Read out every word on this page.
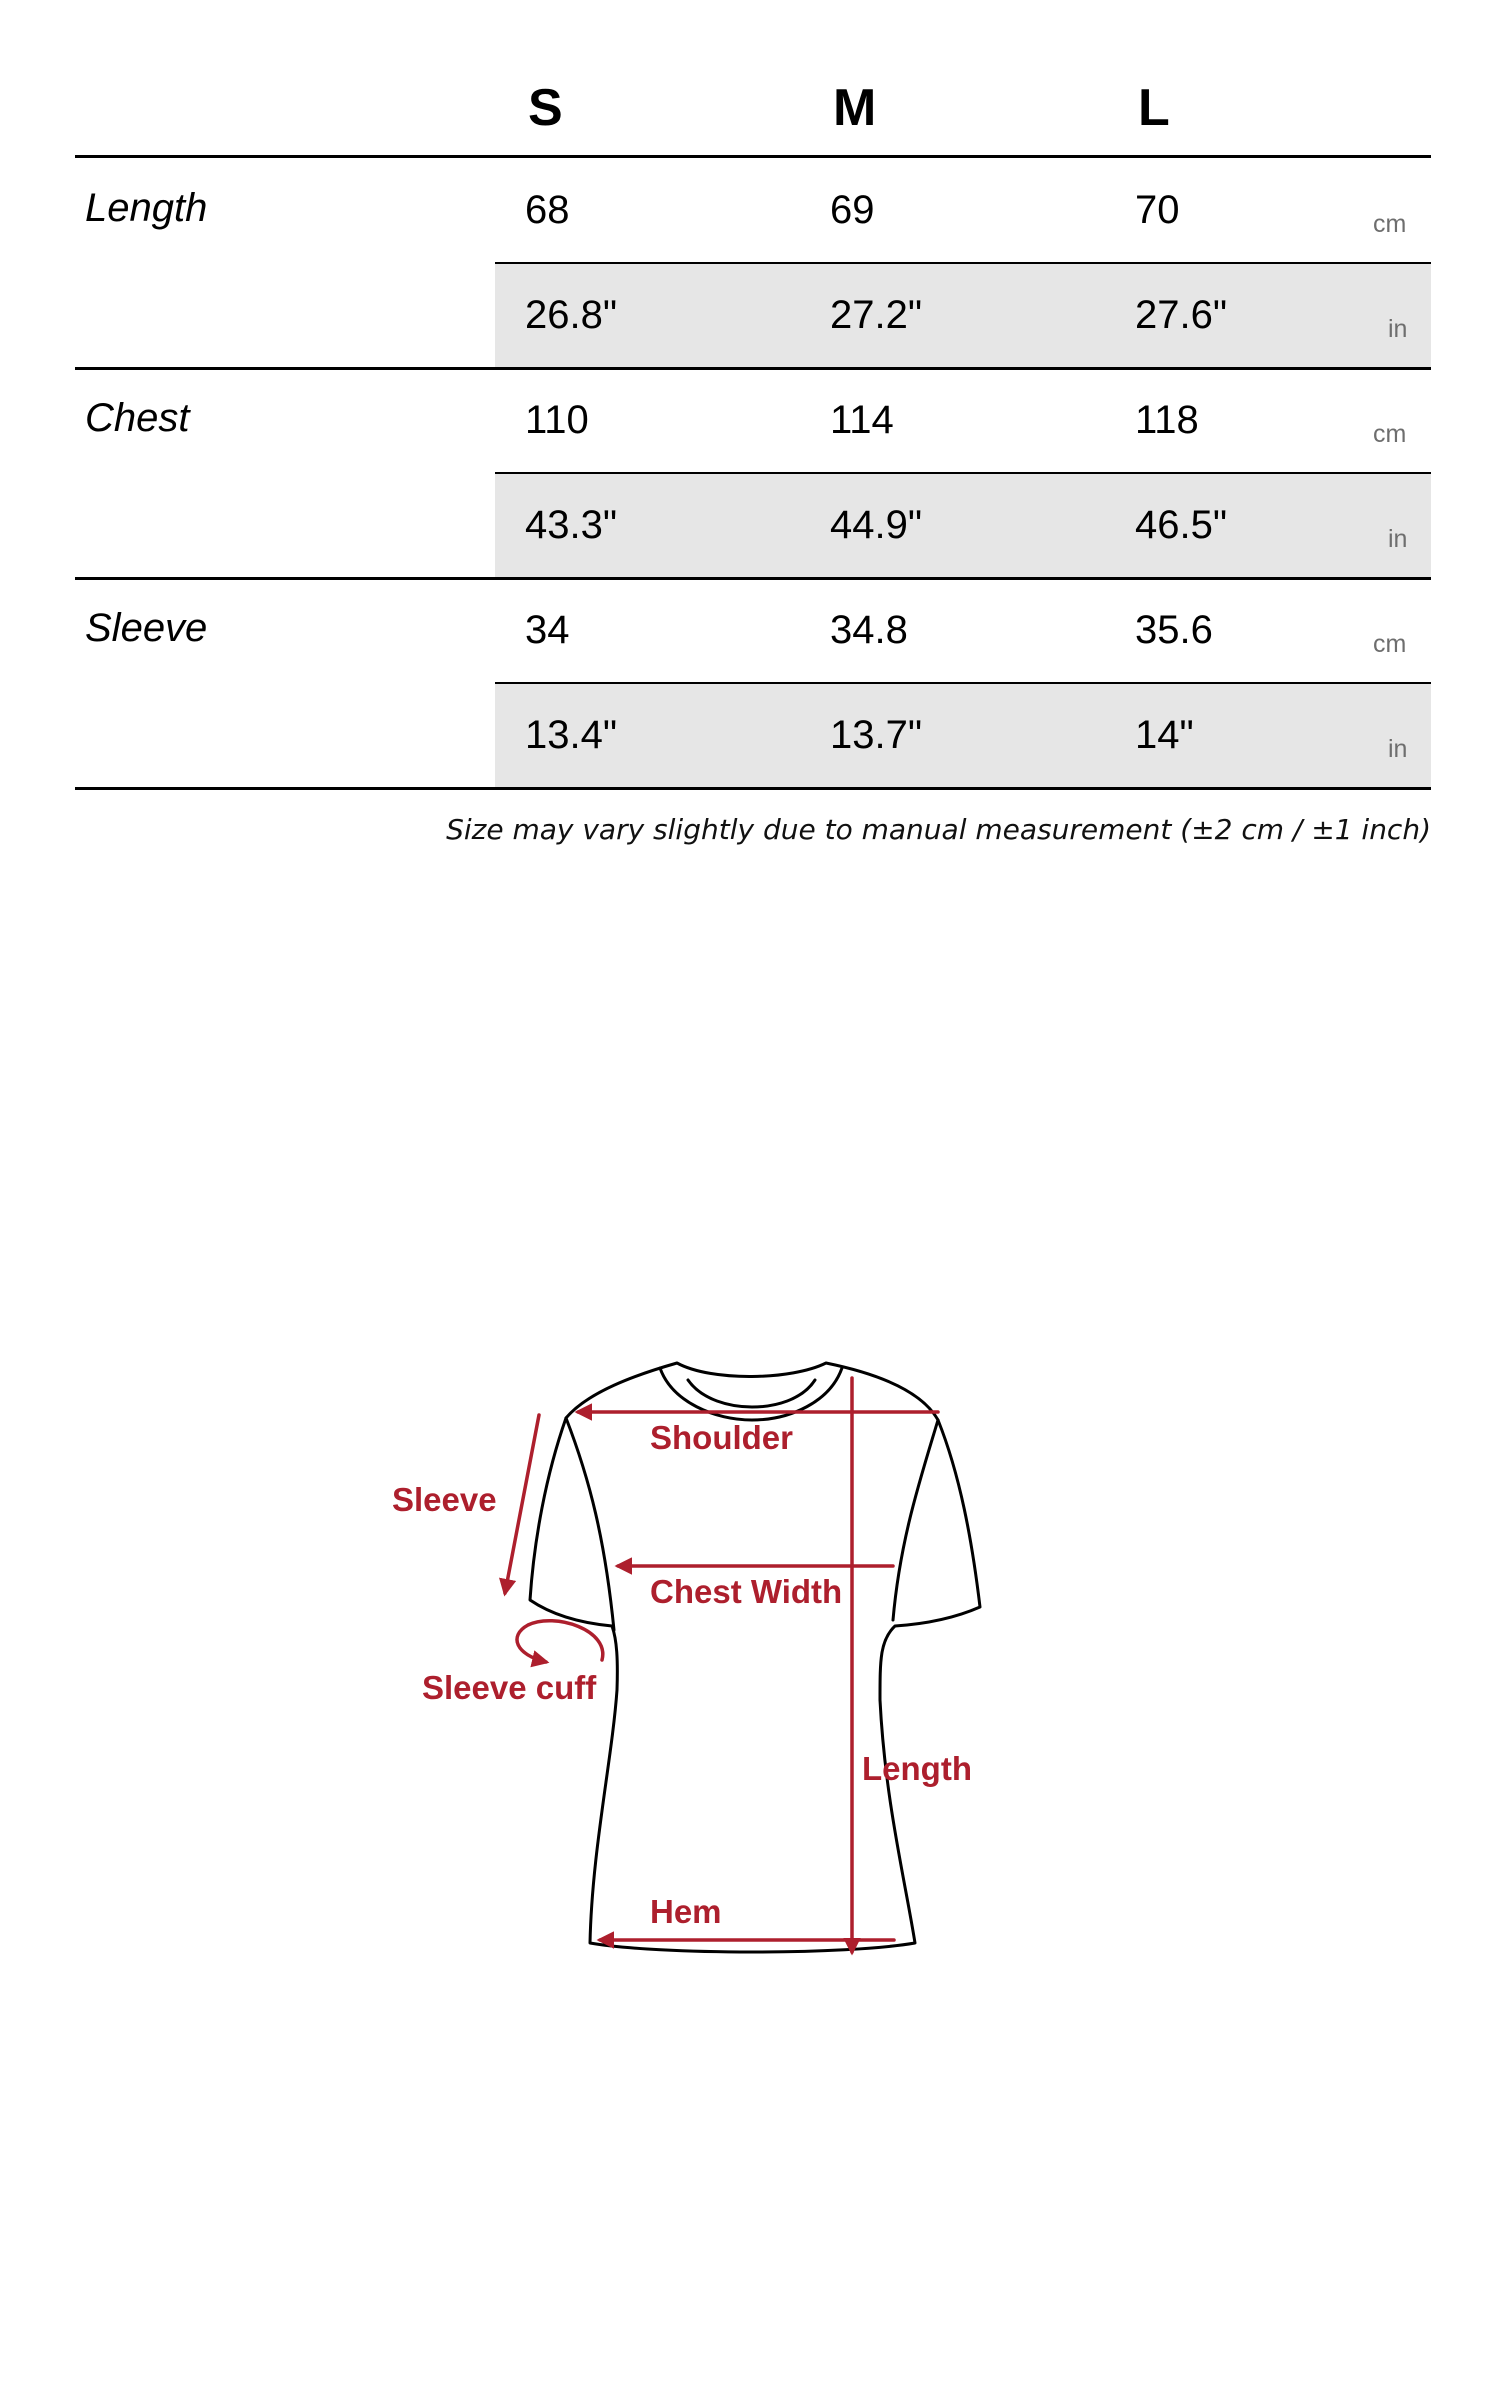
S	M	L
Length	68	69	70	cm
26.8"	27.2"	27.6"	in
Chest	110	114	118	cm
43.3"	44.9"	46.5"	in
Sleeve	34	34.8	35.6	cm
13.4"	13.7"	14"	in
Size may vary slightly due to manual measurement (±2 cm / ±1 inch)
Shoulder
Sleeve
Chest Width
Sleeve cuff
Length
Hem
